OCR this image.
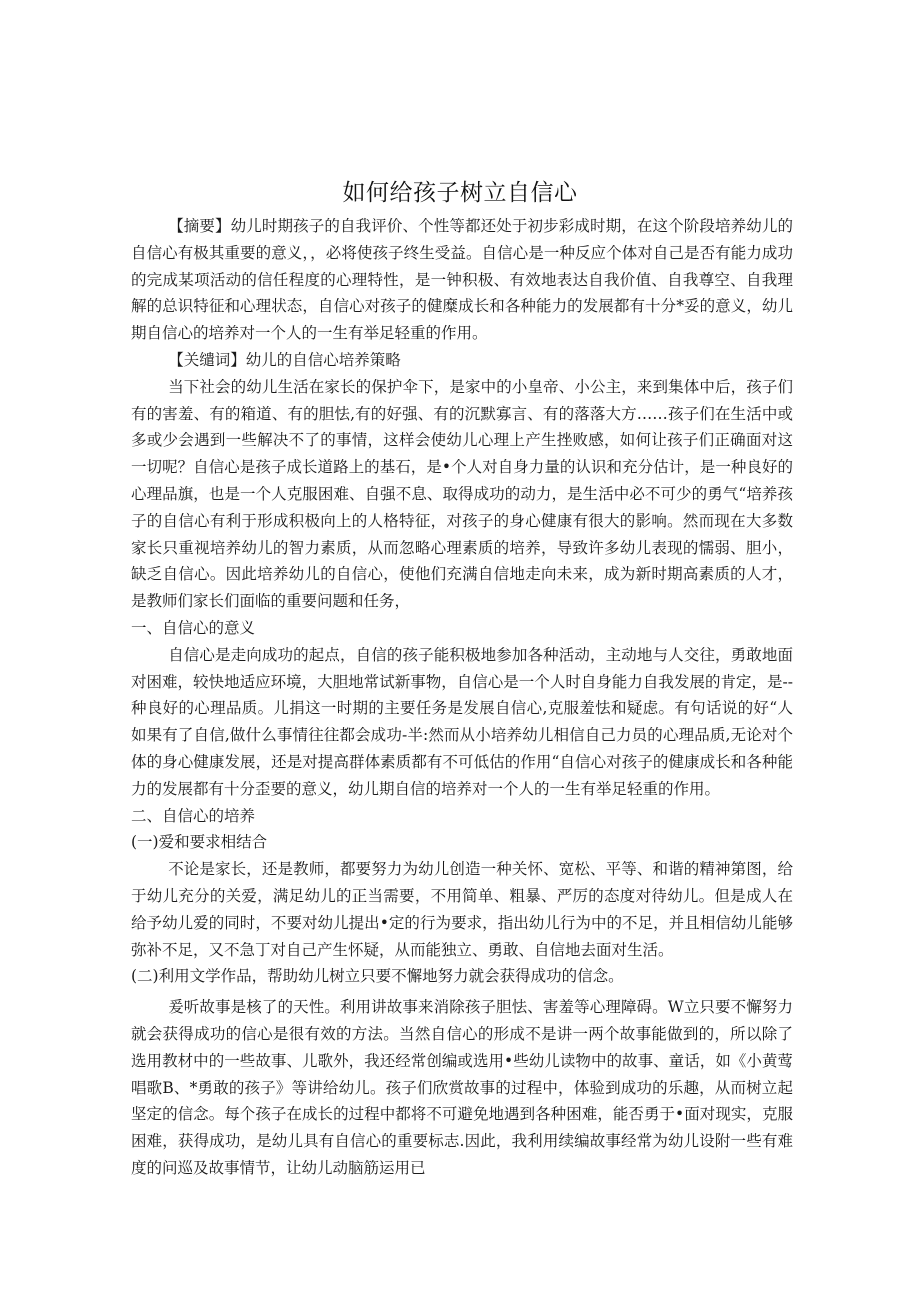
如何给孩子树立自信心

【摘要】幼儿时期孩子的自我评价、个性等都还处于初步彩成时期，在这个阶段培养幼儿的自信心有极其重要的意义，，必将使孩子终生受益。自信心是一种反应个体对自己是否有能力成功的完成某项活动的信任程度的心理特性，是一钟积极、有效地表达自我价值、自我尊空、自我理解的总识特征和心理状态，自信心对孩子的健糜成长和各种能力的发展都有十分*妥的意义，幼儿期自信心的培养对一个人的一生有举足轻重的作用。

【关缱词】幼儿的自信心培养策略

当下社会的幼儿生活在家长的保护伞下，是家中的小皇帝、小公主，来到集体中后，孩子们有的害羞、有的箱道、有的胆怯,有的好强、有的沉默寡言、有的落落大方……孩子们在生活中或多或少会遇到一些解决不了的事情，这样会使幼儿心理上产生挫败感，如何让孩子们正确面对这一切呢？自信心是孩子成长道路上的基石，是•个人对自身力量的认识和充分估计，是一种良好的心理品旗，也是一个人克服困难、自强不息、取得成功的动力，是生活中必不可少的勇气“培养孩子的自信心有利于形成积极向上的人格特征，对孩子的身心健康有很大的影响。然而现在大多数家长只重视培养幼儿的智力素质，从而忽略心理素质的培养，导致许多幼儿表现的懦弱、胆小，缺乏自信心。因此培养幼儿的自信心，使他们充满自信地走向未来，成为新时期高素质的人才，是教师们家长们面临的重要问题和任务，

一、自信心的意义

自信心是走向成功的起点，自信的孩子能积极地参加各种活动，主动地与人交往，勇敢地面对困难，较快地适应环境，大胆地常试新事物，自信心是一个人时自身能力自我发展的肯定，是--种良好的心理品质。儿捐这一时期的主要任务是发展自信心,克服羞怯和疑虑。有句话说的好“人如果有了自信,做什么事情往往都会成功-半:然而从小培养幼儿相信自己力员的心理品质,无论对个体的身心健康发展，还是对提高群体素质都有不可低估的作用“自信心对孩子的健康成长和各种能力的发展都有十分歪要的意义，幼儿期自信的培养对一个人的一生有举足轻重的作用。

二、自信心的培养

(一)爱和要求相结合

不论是家长，还是教师，都要努力为幼儿创造一种关怀、宽松、平等、和谐的精神第图，给于幼儿充分的关爱，满足幼儿的正当需要，不用简单、粗暴、严厉的态度对待幼儿。但是成人在给予幼儿爱的同时，不要对幼儿提出•定的行为要求，指出幼儿行为中的不足，并且相信幼儿能够弥补不足，又不急丁对自己产生怀疑，从而能独立、勇敢、自信地去面对生活。

(二)利用文学作品，帮助幼儿树立只要不懈地努力就会获得成功的信念。

爰听故事是核了的天性。利用讲故事来消除孩子胆怯、害羞等心理障碍。W立只要不懈努力就会获得成功的信心是很有效的方法。当然自信心的形成不是讲一两个故事能做到的，所以除了选用教材中的一些故事、儿歌外，我还经常创编或选用•些幼儿读物中的故事、童话，如《小黄莺唱歌B、*勇敢的孩子》等讲给幼儿。孩子们欣赏故事的过程中，体验到成功的乐趣，从而树立起坚定的信念。每个孩子在成长的过程中都将不可避免地遇到各种困难，能否勇于•面对现实，克服困难，获得成功，是幼儿具有自信心的重要标志.因此，我利用续编故事经常为幼儿设附一些有难度的问巡及故事情节，让幼儿动脑筋运用已
